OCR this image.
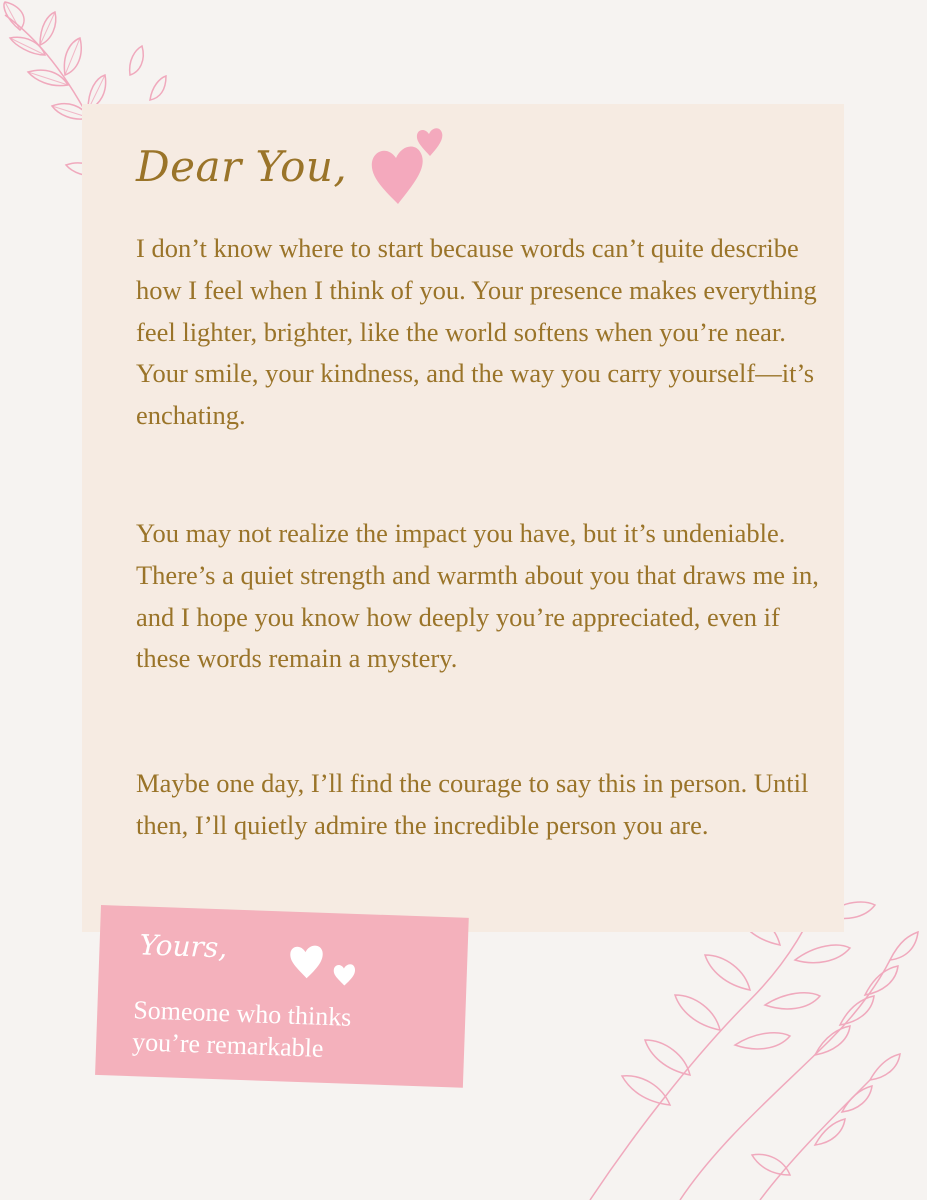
Dear You,

I don’t know where to start because words can’t quite describe how I feel when I think of you. Your presence makes everything feel lighter, brighter, like the world softens when you’re near. Your smile, your kindness, and the way you carry yourself—it’s enchating.

You may not realize the impact you have, but it’s undeniable. There’s a quiet strength and warmth about you that draws me in, and I hope you know how deeply you’re appreciated, even if these words remain a mystery.

Maybe one day, I’ll find the courage to say this in person. Until then, I’ll quietly admire the incredible person you are.

Yours,
Someone who thinks
you’re remarkable
